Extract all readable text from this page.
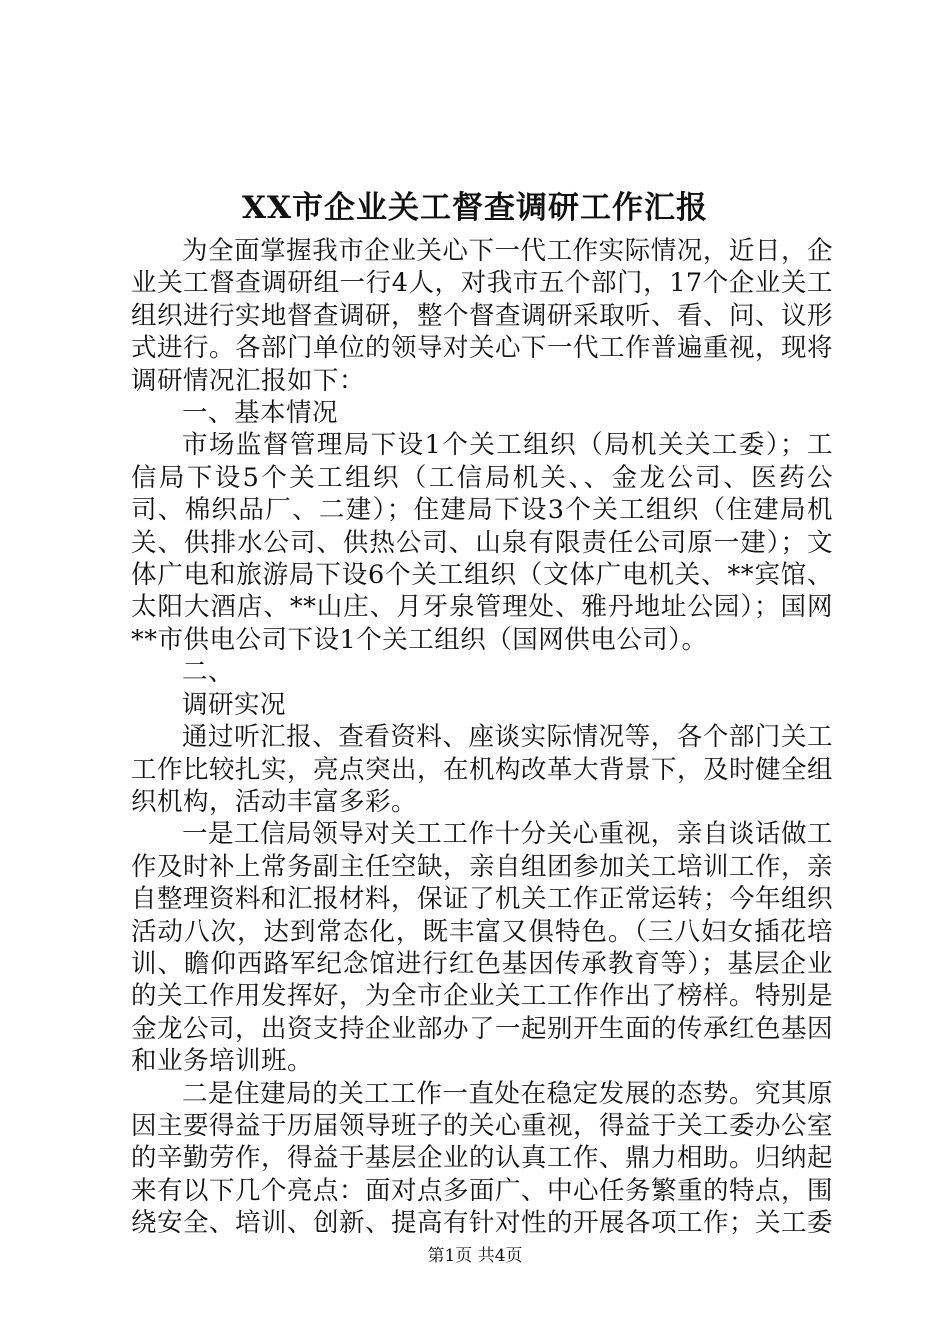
XX市企业关工督查调研工作汇报

为全面掌握我市企业关心下一代工作实际情况，近日，企业关工督查调研组一行4人，对我市五个部门，17个企业关工组织进行实地督查调研，整个督查调研采取听、看、问、议形式进行。各部门单位的领导对关心下一代工作普遍重视，现将调研情况汇报如下：

一、基本情况

市场监督管理局下设1个关工组织（局机关关工委）；工信局下设5个关工组织（工信局机关、、金龙公司、医药公司、棉织品厂、二建）；住建局下设3个关工组织（住建局机关、供排水公司、供热公司、山泉有限责任公司原一建）；文体广电和旅游局下设6个关工组织（文体广电机关、**宾馆、太阳大酒店、**山庄、月牙泉管理处、雅丹地址公园）；国网**市供电公司下设1个关工组织（国网供电公司）。

二、

调研实况

通过听汇报、查看资料、座谈实际情况等，各个部门关工工作比较扎实，亮点突出，在机构改革大背景下，及时健全组织机构，活动丰富多彩。

一是工信局领导对关工工作十分关心重视，亲自谈话做工作及时补上常务副主任空缺，亲自组团参加关工培训工作，亲自整理资料和汇报材料，保证了机关工作正常运转；今年组织活动八次，达到常态化，既丰富又俱特色。（三八妇女插花培训、瞻仰西路军纪念馆进行红色基因传承教育等）；基层企业的关工作用发挥好，为全市企业关工工作作出了榜样。特别是金龙公司，出资支持企业部办了一起别开生面的传承红色基因和业务培训班。

二是住建局的关工工作一直处在稳定发展的态势。究其原因主要得益于历届领导班子的关心重视，得益于关工委办公室的辛勤劳作，得益于基层企业的认真工作、鼎力相助。归纳起来有以下几个亮点：面对点多面广、中心任务繁重的特点，围绕安全、培训、创新、提高有针对性的开展各项工作；关工委

第1页 共4页
